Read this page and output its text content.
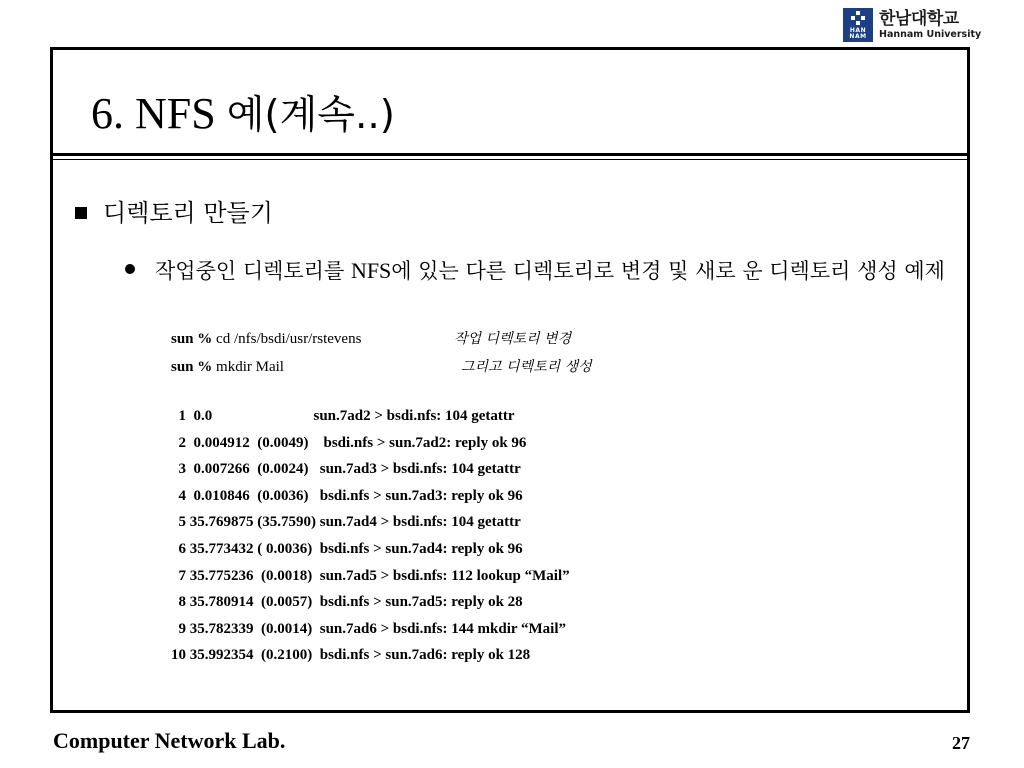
HAN NAM
한남대학교
Hannam University
6. NFS 예(계속..)
디렉토리 만들기
작업중인 디렉토리를 NFS에 있는 다른 디렉토리로 변경 및 새로 운 디렉토리 생성 예제
sun % cd /nfs/bsdi/usr/rstevens	작업 디렉토리 변경
sun % mkdir Mail	그리고 디렉토리 생성
1  0.0                           sun.7ad2 > bsdi.nfs: 104 getattr
2  0.004912  (0.0049)    bsdi.nfs > sun.7ad2: reply ok 96
3  0.007266  (0.0024)   sun.7ad3 > bsdi.nfs: 104 getattr
4  0.010846  (0.0036)   bsdi.nfs > sun.7ad3: reply ok 96
5 35.769875 (35.7590) sun.7ad4 > bsdi.nfs: 104 getattr
6 35.773432 ( 0.0036)  bsdi.nfs > sun.7ad4: reply ok 96
7 35.775236  (0.0018)  sun.7ad5 > bsdi.nfs: 112 lookup “Mail”
8 35.780914  (0.0057)  bsdi.nfs > sun.7ad5: reply ok 28
9 35.782339  (0.0014)  sun.7ad6 > bsdi.nfs: 144 mkdir “Mail”
10 35.992354  (0.2100)  bsdi.nfs > sun.7ad6: reply ok 128
Computer Network Lab.	27
